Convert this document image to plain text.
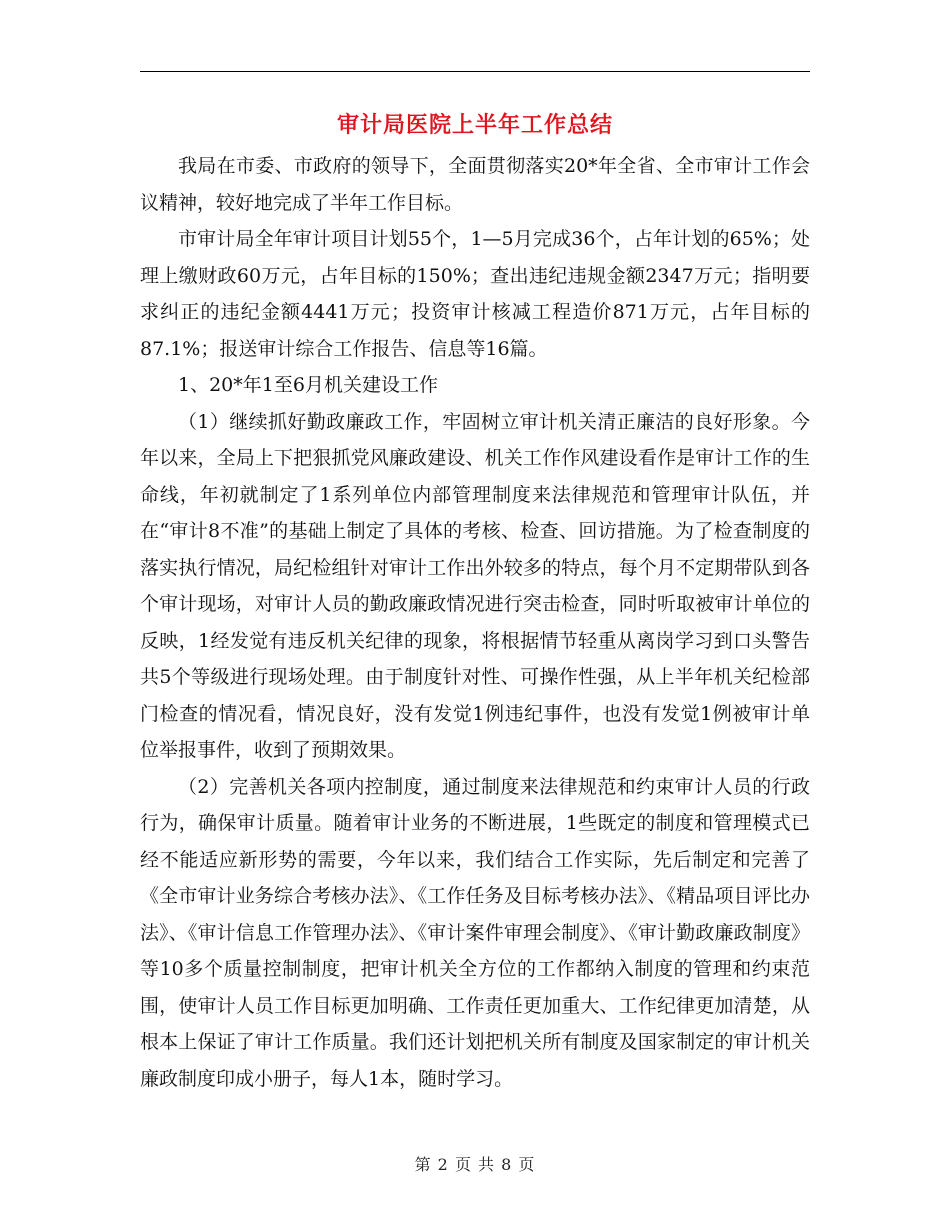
审计局医院上半年工作总结

我局在市委、市政府的领导下，全面贯彻落实20*年全省、全市审计工作会议精神，较好地完成了半年工作目标。

市审计局全年审计项目计划55个，1—5月完成36个，占年计划的65%；处理上缴财政60万元，占年目标的150%；查出违纪违规金额2347万元；指明要求纠正的违纪金额4441万元；投资审计核减工程造价871万元，占年目标的87.1%；报送审计综合工作报告、信息等16篇。

1、20*年1至6月机关建设工作

（1）继续抓好勤政廉政工作，牢固树立审计机关清正廉洁的良好形象。今年以来，全局上下把狠抓党风廉政建设、机关工作作风建设看作是审计工作的生命线，年初就制定了1系列单位内部管理制度来法律规范和管理审计队伍，并在“审计8不准”的基础上制定了具体的考核、检查、回访措施。为了检查制度的落实执行情况，局纪检组针对审计工作出外较多的特点，每个月不定期带队到各个审计现场，对审计人员的勤政廉政情况进行突击检查，同时听取被审计单位的反映，1经发觉有违反机关纪律的现象，将根据情节轻重从离岗学习到口头警告共5个等级进行现场处理。由于制度针对性、可操作性强，从上半年机关纪检部门检查的情况看，情况良好，没有发觉1例违纪事件，也没有发觉1例被审计单位举报事件，收到了预期效果。

（2）完善机关各项内控制度，通过制度来法律规范和约束审计人员的行政行为，确保审计质量。随着审计业务的不断进展，1些既定的制度和管理模式已经不能适应新形势的需要，今年以来，我们结合工作实际，先后制定和完善了《全市审计业务综合考核办法》、《工作任务及目标考核办法》、《精品项目评比办法》、《审计信息工作管理办法》、《审计案件审理会制度》、《审计勤政廉政制度》等10多个质量控制制度，把审计机关全方位的工作都纳入制度的管理和约束范围，使审计人员工作目标更加明确、工作责任更加重大、工作纪律更加清楚，从根本上保证了审计工作质量。我们还计划把机关所有制度及国家制定的审计机关廉政制度印成小册子，每人1本，随时学习。

第 2 页 共 8 页
